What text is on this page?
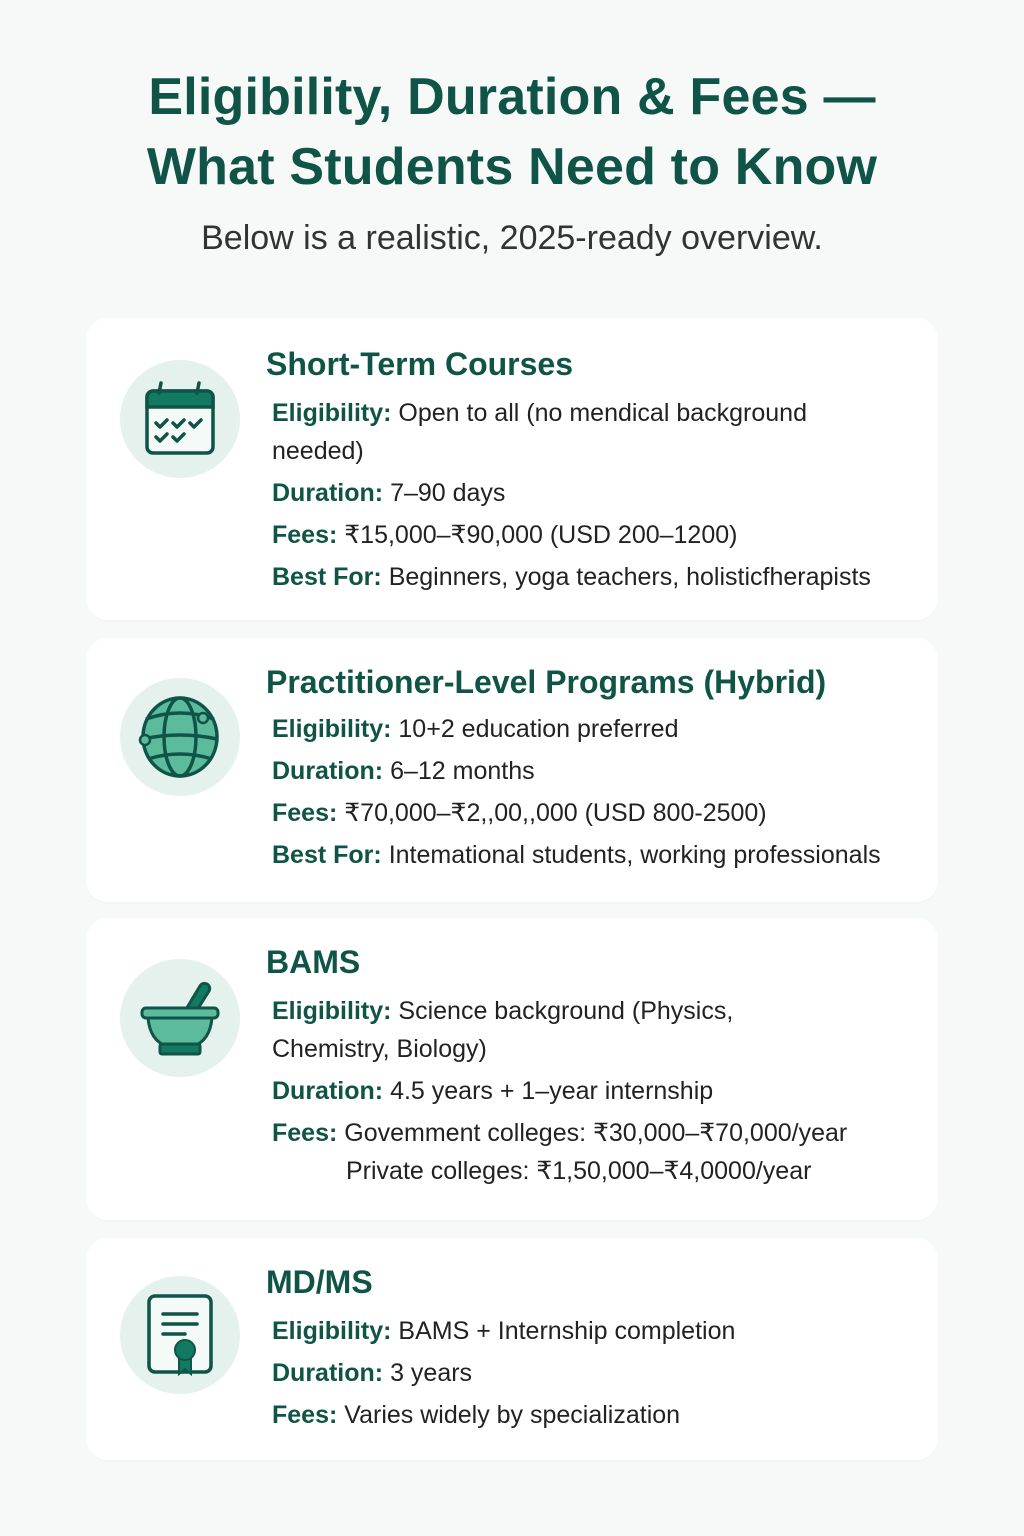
Eligibility, Duration & Fees —
What Students Need to Know

Below is a realistic, 2025-ready overview.

Short-Term Courses
Eligibility: Open to all (no mendical background
needed)
Duration: 7–90 days
Fees: ₹15,000–₹90,000 (USD 200–1200)
Best For: Beginners, yoga teachers, holisticfherapists
Practitioner-Level Programs (Hybrid)
Eligibility: 10+2 education preferred
Duration: 6–12 months
Fees: ₹70,000–₹2,,00,,000 (USD 800-2500)
Best For: Intemational students, working professionals
BAMS
Eligibility: Science background (Physics,
Chemistry, Biology)
Duration: 4.5 years + 1–year internship
Fees: Govemment colleges: ₹30,000–₹70,000/year
Private colleges: ₹1,50,000–₹4,0000/year
MD/MS
Eligibility: BAMS + Internship completion
Duration: 3 years
Fees: Varies widely by specialization
